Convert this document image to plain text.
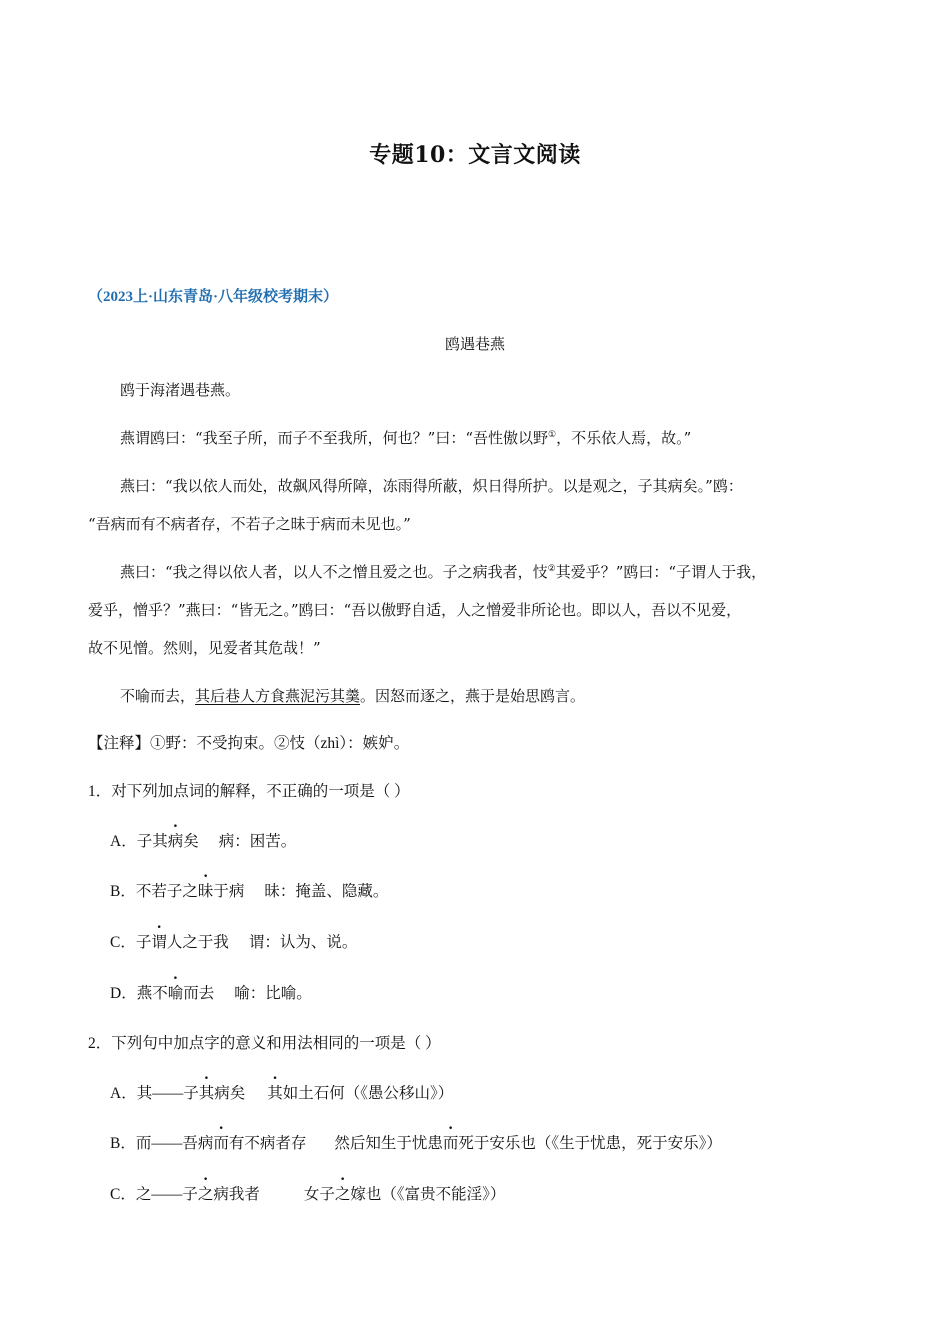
专题10：文言文阅读
（2023上·山东青岛·八年级校考期末）
鸥遇巷燕
鸥于海渚遇巷燕。
燕谓鸥曰：“我至子所，而子不至我所，何也？”曰：“吾性傲以野①，不乐依人焉，故。”
燕曰：“我以依人而处，故飙风得所障，冻雨得所蔽，炽日得所护。以是观之，子其病矣。”鸥：
“吾病而有不病者存，不若子之昧于病而未见也。”
燕曰：“我之得以依人者，以人不之憎且爱之也。子之病我者，忮②其爱乎？”鸥曰：“子谓人于我，
爱乎，憎乎？”燕曰：“皆无之。”鸥曰：“吾以傲野自适，人之憎爱非所论也。即以人，吾以不见爱，
故不见憎。然则，见爱者其危哉！”
不喻而去，其后巷人方食燕泥污其羹。因怒而逐之，燕于是始思鸥言。
【注释】①野：不受拘束。②忮（zhì）：嫉妒。
1．对下列加点词的解释，不正确的一项是（ ）
A．子其病矣 病：困苦。
B．不若子之昧于病 昧：掩盖、隐藏。
C．子谓人之于我 谓：认为、说。
D．燕不喻而去 喻：比喻。
2．下列句中加点字的意义和用法相同的一项是（ ）
A．其——子其病矣 其如土石何（《愚公移山》）
B．而——吾病而有不病者存 然后知生于忧患而死于安乐也（《生于忧患，死于安乐》）
C．之——子之病我者	女子之嫁也（《富贵不能淫》）
